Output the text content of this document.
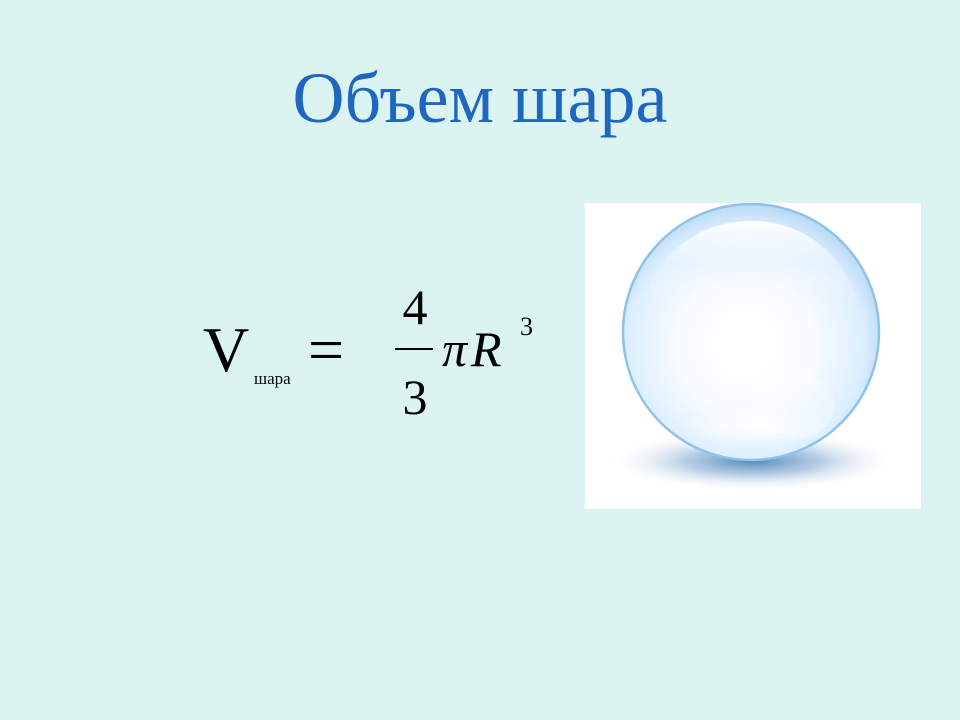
Объем шара
V шара =
4
3
π R 3
